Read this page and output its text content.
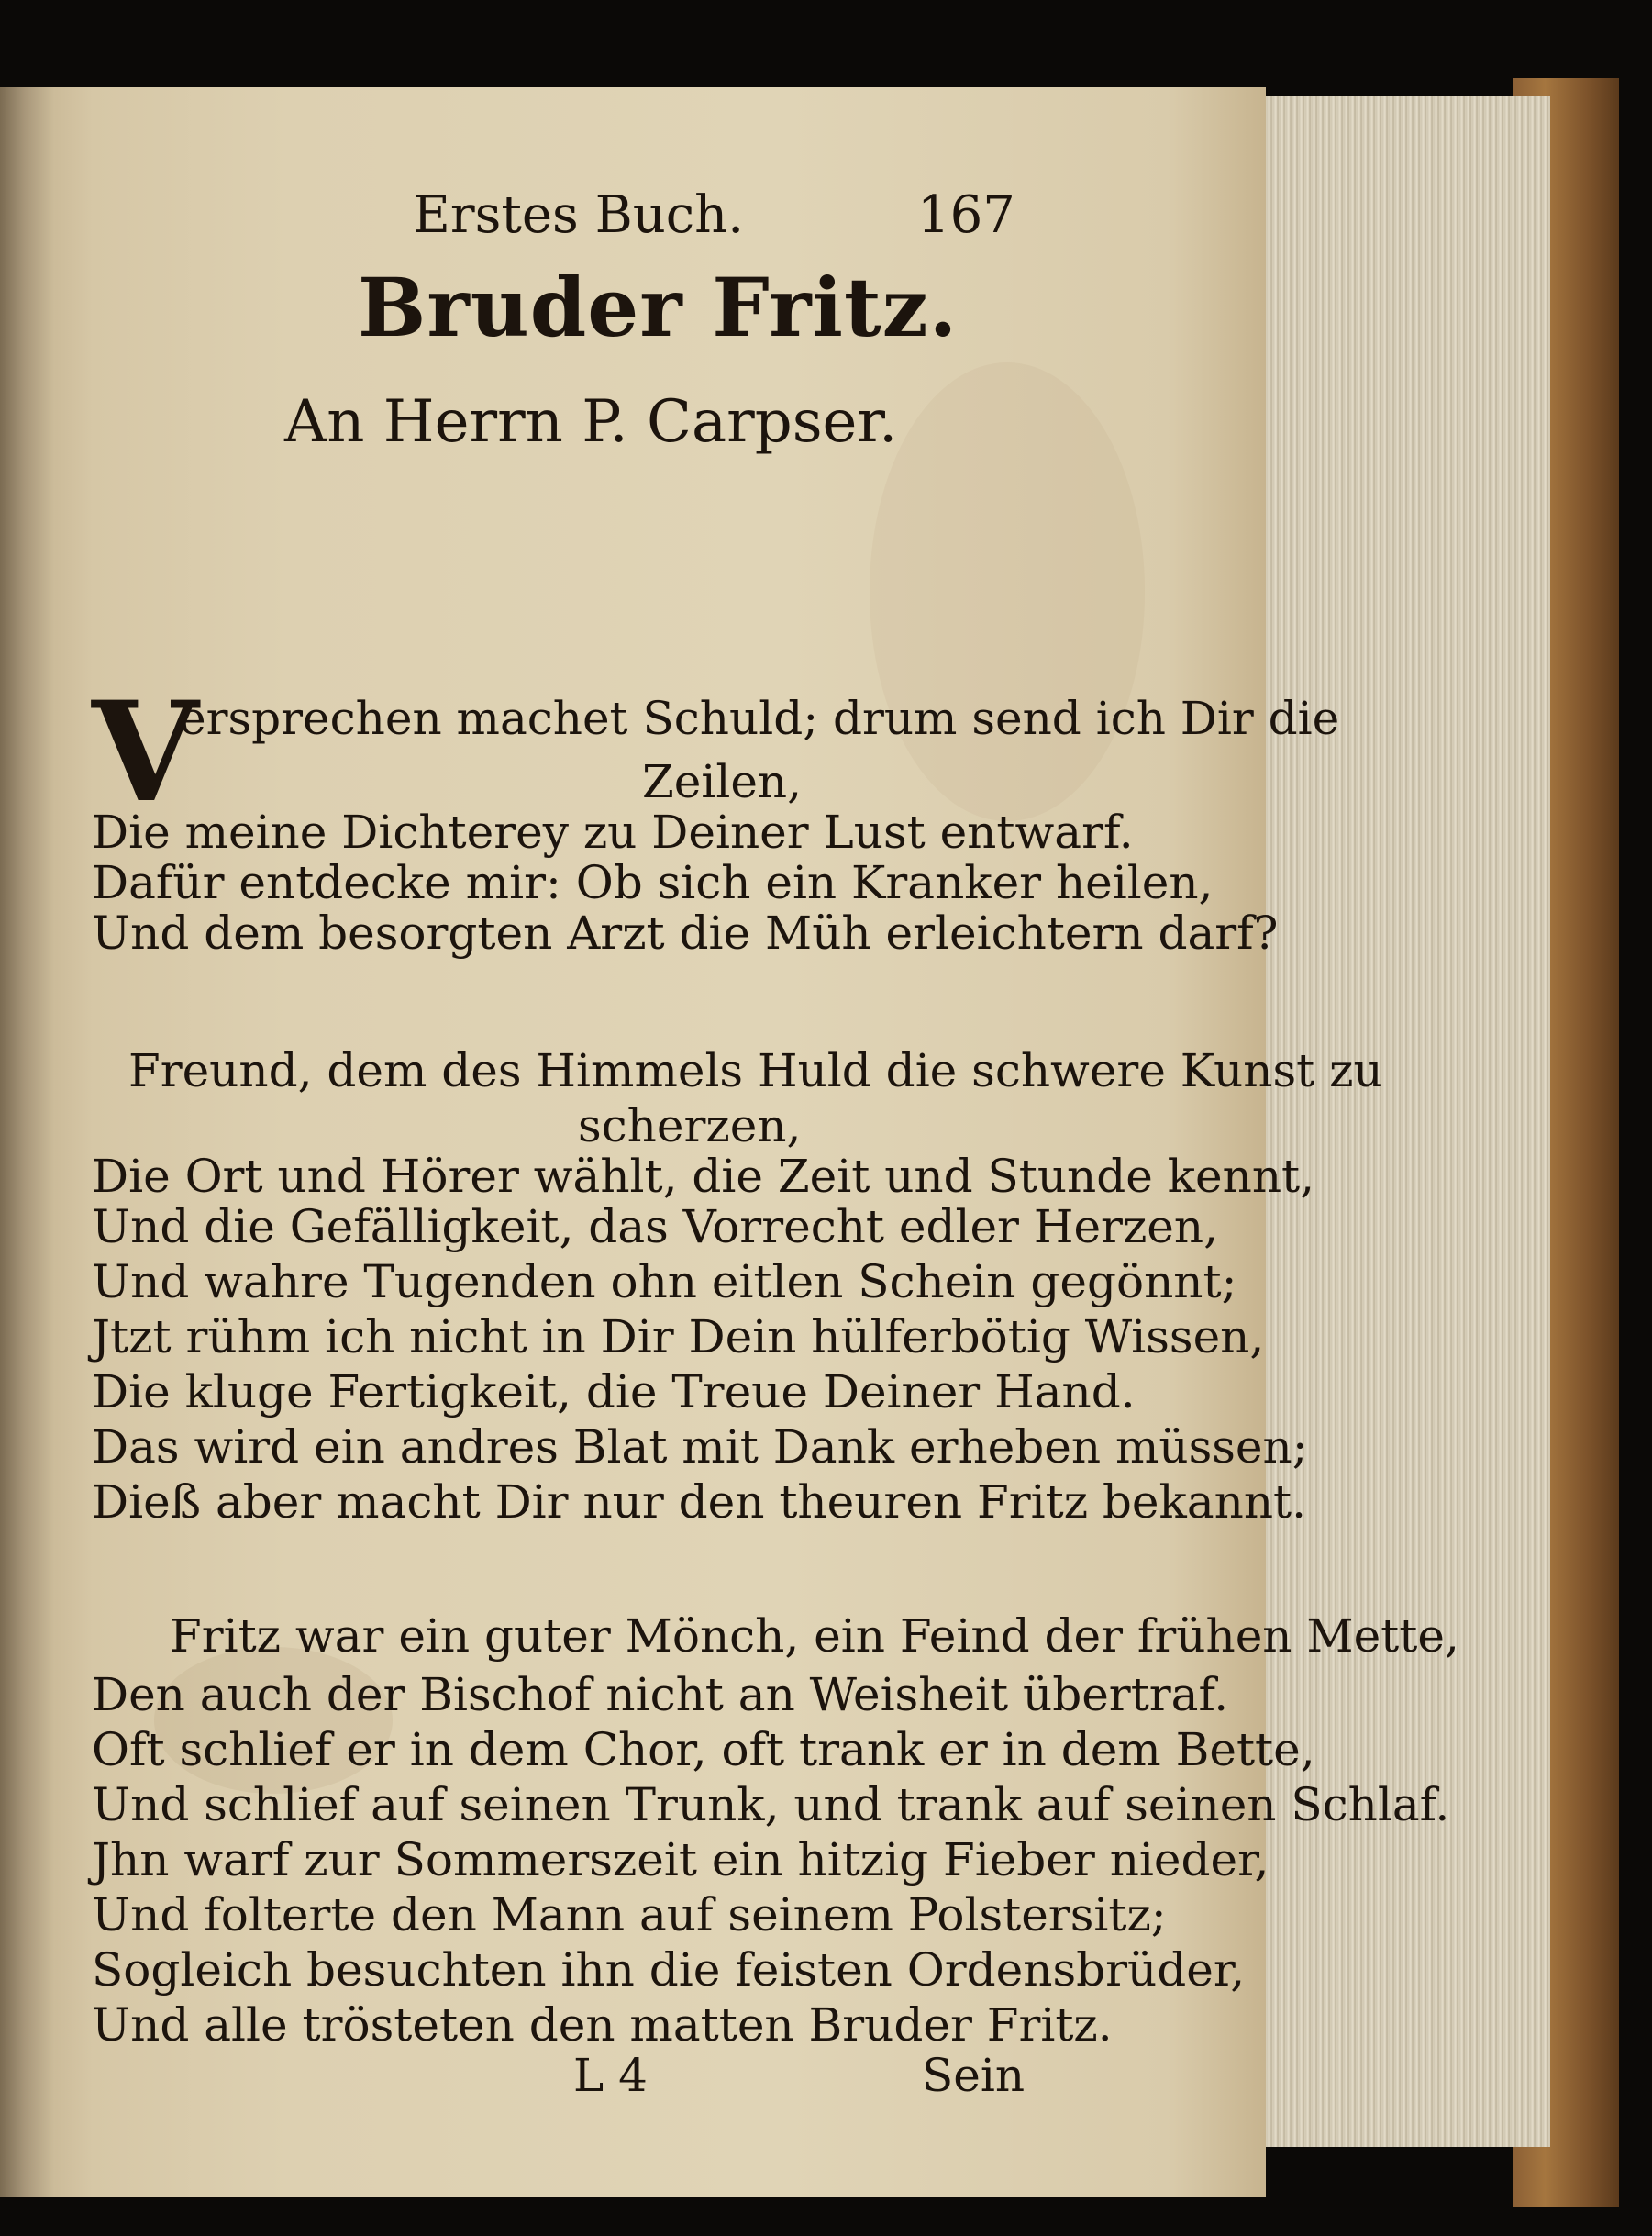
Erstes Buch.	167
Bruder Fritz.
An Herrn P. Carpser.
V
ersprechen machet Schuld; drum send ich Dir die
Zeilen,
Die meine Dichterey zu Deiner Lust entwarf.
Dafür entdecke mir: Ob sich ein Kranker heilen,
Und dem besorgten Arzt die Müh erleichtern darf?
Freund, dem des Himmels Huld die schwere Kunst zu
scherzen,
Die Ort und Hörer wählt, die Zeit und Stunde kennt,
Und die Gefälligkeit, das Vorrecht edler Herzen,
Und wahre Tugenden ohn eitlen Schein gegönnt;
Jtzt rühm ich nicht in Dir Dein hülferbötig Wissen,
Die kluge Fertigkeit, die Treue Deiner Hand.
Das wird ein andres Blat mit Dank erheben müssen;
Dieß aber macht Dir nur den theuren Fritz bekannt.
Fritz war ein guter Mönch, ein Feind der frühen Mette,
Den auch der Bischof nicht an Weisheit übertraf.
Oft schlief er in dem Chor, oft trank er in dem Bette,
Und schlief auf seinen Trunk, und trank auf seinen Schlaf.
Jhn warf zur Sommerszeit ein hitzig Fieber nieder,
Und folterte den Mann auf seinem Polstersitz;
Sogleich besuchten ihn die feisten Ordensbrüder,
Und alle trösteten den matten Bruder Fritz.
L 4	Sein
